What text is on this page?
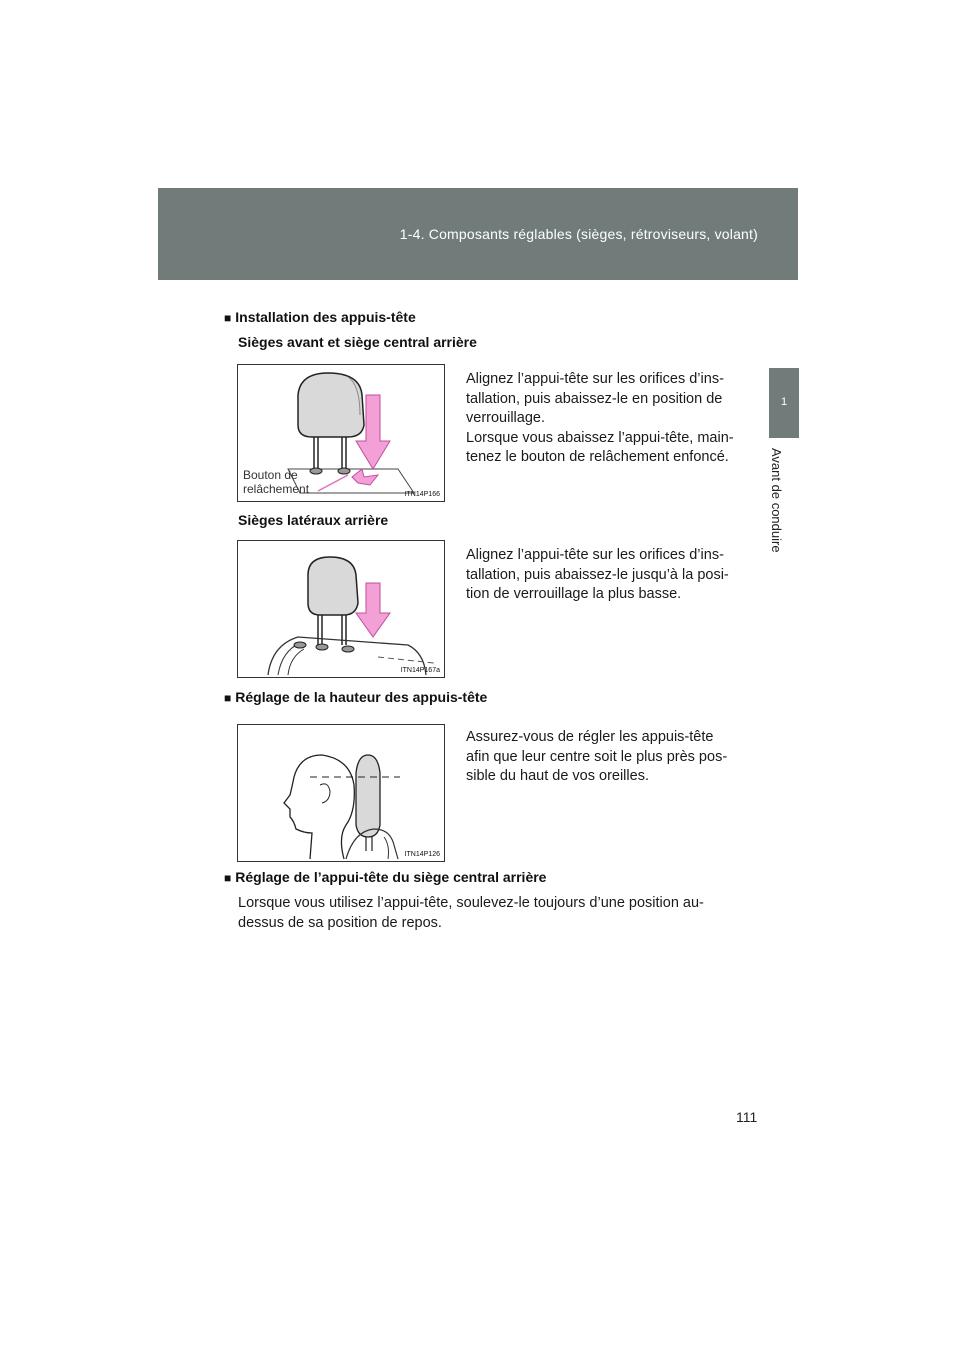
1-4. Composants réglables (sièges, rétroviseurs, volant)
1
Avant de conduire
■ Installation des appuis-tête
Sièges avant et siège central arrière
Bouton de
relâchement	ITN14P166
Alignez l’appui-tête sur les orifices d’ins-
tallation, puis abaissez-le en position de
verrouillage.
Lorsque vous abaissez l’appui-tête, main-
tenez le bouton de relâchement enfoncé.
Sièges latéraux arrière
ITN14P167a
Alignez l’appui-tête sur les orifices d’ins-
tallation, puis abaissez-le jusqu’à la posi-
tion de verrouillage la plus basse.
■ Réglage de la hauteur des appuis-tête
ITN14P126
Assurez-vous de régler les appuis-tête
afin que leur centre soit le plus près pos-
sible du haut de vos oreilles.
■ Réglage de l’appui-tête du siège central arrière
Lorsque vous utilisez l’appui-tête, soulevez-le toujours d’une position au-
dessus de sa position de repos.
111
